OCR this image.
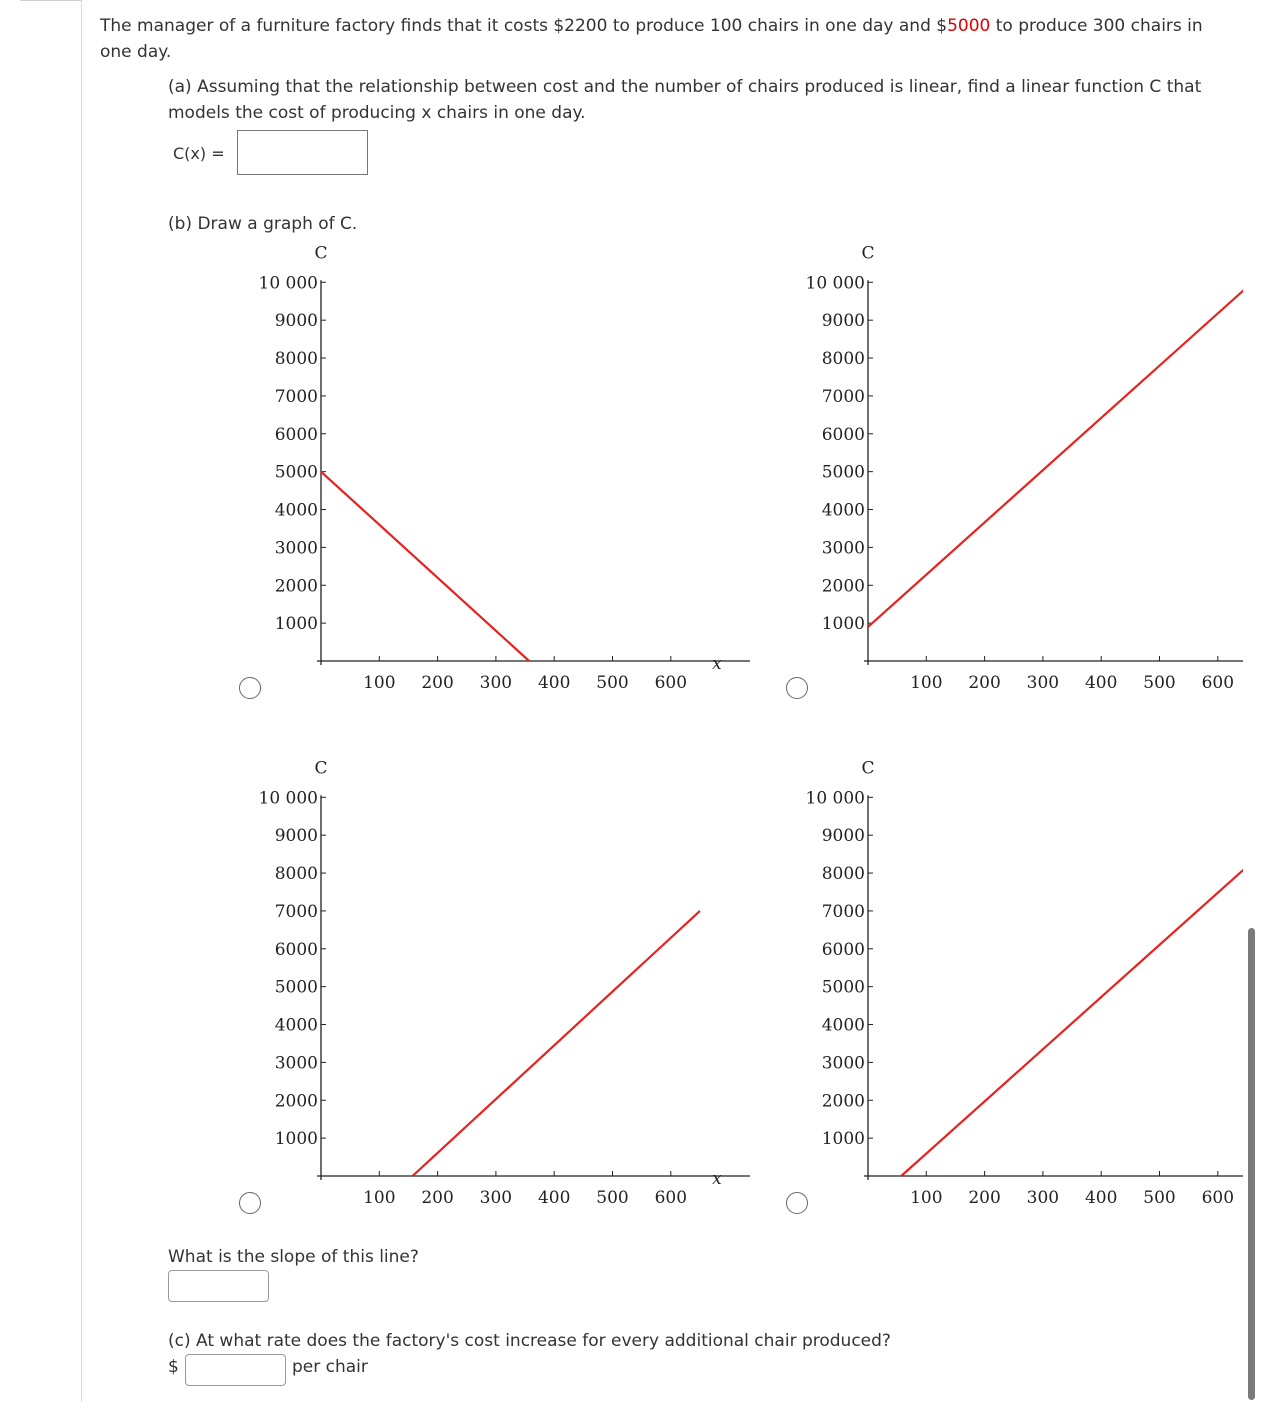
The manager of a furniture factory finds that it costs $2200 to produce 100 chairs in one day and $5000 to produce 300 chairs in one day.
(a) Assuming that the relationship between cost and the number of chairs produced is linear, find a linear function C that models the cost of producing x chairs in one day.
C(x) =
(b) Draw a graph of C.
1000
2000
3000
4000
5000
6000
7000
8000
9000
10 000
100 200 300 400 500 600
C
x
1000
2000
3000
4000
5000
6000
7000
8000
9000
10 000
100 200 300 400 500 600
C
1000
2000
3000
4000
5000
6000
7000
8000
9000
10 000
100 200 300 400 500 600
C
x
1000
2000
3000
4000
5000
6000
7000
8000
9000
10 000
100 200 300 400 500 600
C
What is the slope of this line?
(c) At what rate does the factory's cost increase for every additional chair produced?
$	per chair
